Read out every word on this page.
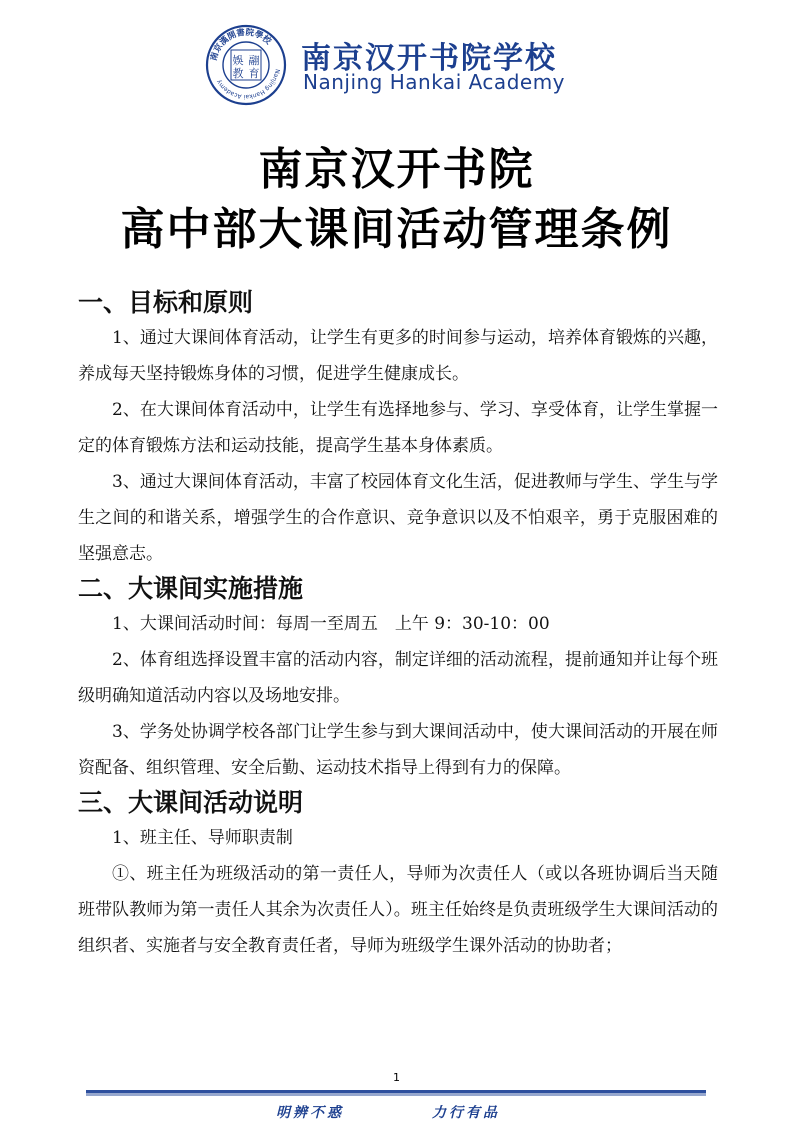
南京漢開書院學校
Nanjing Hankai Academy
娛 翮
教 育 南京汉开书院学校
Nanjing Hankai Academy
南京汉开书院
高中部大课间活动管理条例
一、目标和原则

1、通过大课间体育活动，让学生有更多的时间参与运动，培养体育锻炼的兴趣，养成每天坚持锻炼身体的习惯，促进学生健康成长。

2、在大课间体育活动中，让学生有选择地参与、学习、享受体育，让学生掌握一定的体育锻炼方法和运动技能，提高学生基本身体素质。

3、通过大课间体育活动，丰富了校园体育文化生活，促进教师与学生、学生与学生之间的和谐关系，增强学生的合作意识、竞争意识以及不怕艰辛，勇于克服困难的坚强意志。

二、大课间实施措施

1、大课间活动时间：每周一至周五　上午 9：30-10：00

2、体育组选择设置丰富的活动内容，制定详细的活动流程，提前通知并让每个班级明确知道活动内容以及场地安排。

3、学务处协调学校各部门让学生参与到大课间活动中，使大课间活动的开展在师资配备、组织管理、安全后勤、运动技术指导上得到有力的保障。

三、大课间活动说明

1、班主任、导师职责制

①、班主任为班级活动的第一责任人，导师为次责任人（或以各班协调后当天随班带队教师为第一责任人其余为次责任人）。班主任始终是负责班级学生大课间活动的组织者、实施者与安全教育责任者，导师为班级学生课外活动的协助者；

1
明辨不惑	力行有品
